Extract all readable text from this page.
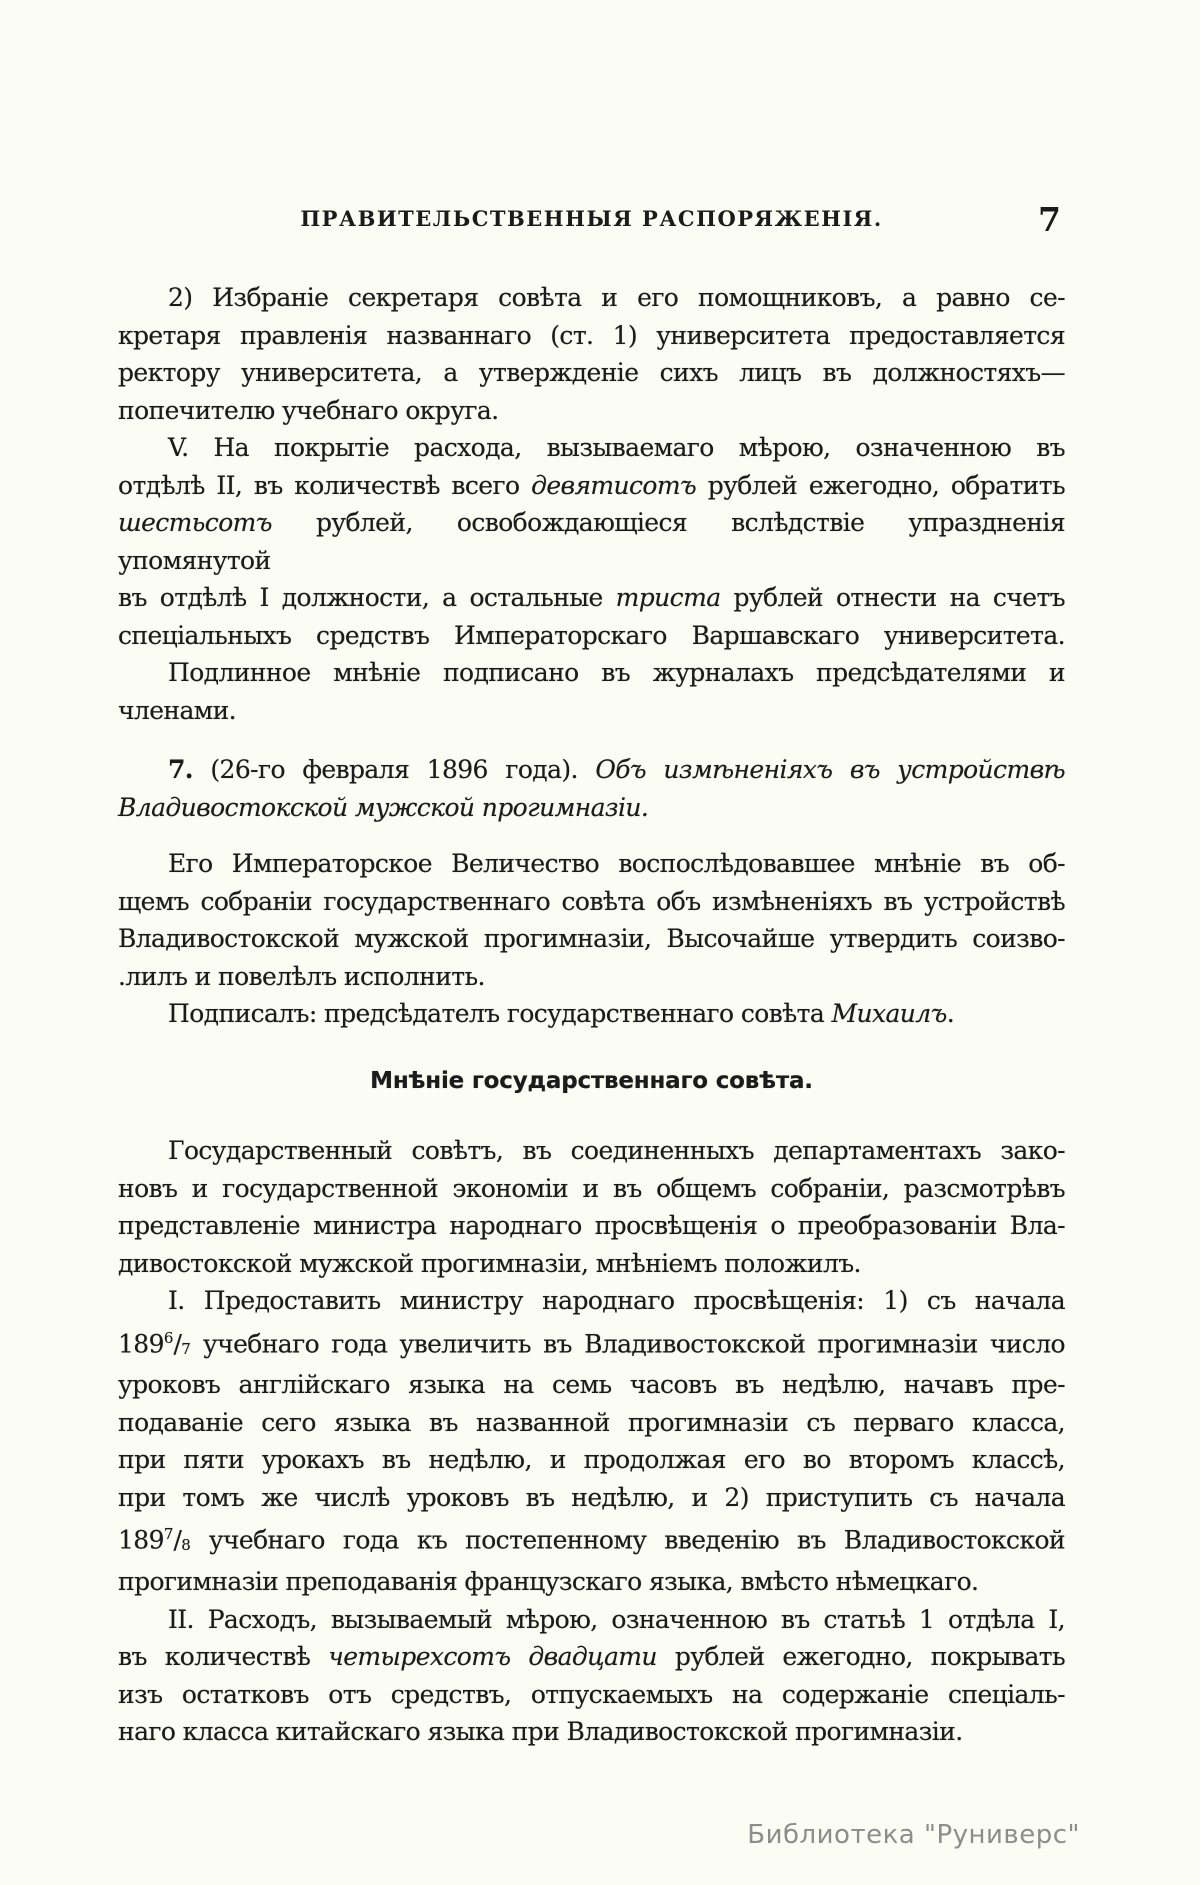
ПРАВИТЕЛЬСТВЕННЫЯ РАСПОРЯЖЕНІЯ.	7
2) Избраніе секретаря совѣта и его помощниковъ, а равно се-
кретаря правленія названнаго (ст. 1) университета предоставляется
ректору университета, а утвержденіе сихъ лицъ въ должностяхъ—
попечителю учебнаго округа.
V. На покрытіе расхода, вызываемаго мѣрою, означенною въ
отдѣлѣ II, въ количествѣ всего девятисотъ рублей ежегодно, обратить
шестьсотъ рублей, освобождающіеся вслѣдствіе упраздненія упомянутой
въ отдѣлѣ I должности, а остальные триста рублей отнести на счетъ
спеціальныхъ средствъ Императорскаго Варшавскаго университета.
Подлинное мнѣніе подписано въ журналахъ предсѣдателями и
членами.
7. (26-го февраля 1896 года). Объ измѣненіяхъ въ устройствѣ
Владивостокской мужской прогимназіи.
Его Императорское Величество воспослѣдовавшее мнѣніе въ об-
щемъ собраніи государственнаго совѣта объ измѣненіяхъ въ устройствѣ
Владивостокской мужской прогимназіи, Высочайше утвердить соизво-
.лилъ и повелѣлъ исполнить.
Подписалъ: предсѣдателъ государственнаго совѣта Михаилъ.
Мнѣніе государственнаго совѣта.
Государственный совѣтъ, въ соединенныхъ департаментахъ зако-
новъ и государственной экономіи и въ общемъ собраніи, разсмотрѣвъ
представленіе министра народнаго просвѣщенія о преобразованіи Вла-
дивостокской мужской прогимназіи, мнѣніемъ положилъ.
I. Предоставить министру народнаго просвѣщенія: 1) съ начала
$189^6/7$ учебнаго года увеличить въ Владивостокской прогимназіи число
уроковъ англійскаго языка на семь часовъ въ недѣлю, начавъ пре-
подаваніе сего языка въ названной прогимназіи съ перваго класса,
при пяти урокахъ въ недѣлю, и продолжая его во второмъ классѣ,
при томъ же числѣ уроковъ въ недѣлю, и 2) приступить съ начала
$189^7/8$ учебнаго года къ постепенному введенію въ Владивостокской
прогимназіи преподаванія французскаго языка, вмѣсто нѣмецкаго.
II. Расходъ, вызываемый мѣрою, означенною въ статьѣ 1 отдѣла I,
въ количествѣ четырехсотъ двадцати рублей ежегодно, покрывать
изъ остатковъ отъ средствъ, отпускаемыхъ на содержаніе спеціаль-
наго класса китайскаго языка при Владивостокской прогимназіи.
Библиотека "Руниверс"
